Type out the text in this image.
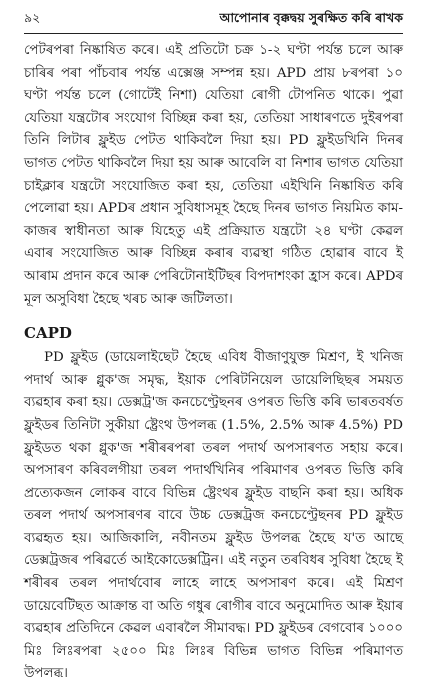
৯২	আপোনাৰ বৃক্কদ্বয় সুৰক্ষিত কৰি ৰাখক

পেটৰপৰা নিষ্কাষিত কৰে। এই প্ৰতিটো চক্ৰ ১-২ ঘণ্টা পৰ্যন্ত চলে আৰু চাৰিৰ পৰা পাঁচবাৰ পৰ্যন্ত এক্সেঞ্জ সম্পন্ন হয়। APD প্ৰায় ৮ৰপৰা ১০ ঘণ্টা পৰ্যন্ত চলে (গোটেই নিশা) যেতিয়া ৰোগী টোপনিত থাকে। পুৱা যেতিয়া যন্ত্ৰটোৰ সংযোগ বিচ্ছিন্ন কৰা হয়, তেতিয়া সাধাৰণতে দুইৰপৰা তিনি লিটাৰ ফ্লুইড পেটত থাকিবলৈ দিয়া হয়। PD ফ্লুইডখিনি দিনৰ ভাগত পেটত থাকিবলৈ দিয়া হয় আৰু আবেলি বা নিশাৰ ভাগত যেতিয়া চাইক্লাৰ যন্ত্ৰটো সংযোজিত কৰা হয়, তেতিয়া এইখিনি নিষ্কাষিত কৰি পেলোৱা হয়। APDৰ প্ৰধান সুবিধাসমূহ হৈছে দিনৰ ভাগত নিয়মিত কাম-কাজৰ স্বাধীনতা আৰু যিহেতু এই প্ৰক্ৰিয়াত যন্ত্ৰটো ২৪ ঘণ্টা কেৱল এবাৰ সংযোজিত আৰু বিচ্ছিন্ন কৰাৰ ব্যৱস্থা গঠিত হোৱাৰ বাবে ই আৰাম প্ৰদান কৰে আৰু পেৰিটোনাইটিছৰ বিপদাশংকা হ্ৰাস কৰে। APDৰ মূল অসুবিধা হৈছে খৰচ আৰু জটিলতা।

CAPD

PD ফ্লুইড (ডায়েলাইছেট হৈছে এবিধ বীজাণুযুক্ত মিশ্ৰণ, ই খনিজ পদাৰ্থ আৰু গ্লুক'জ সমৃদ্ধ, ইয়াক পেৰিটনিয়েল ডায়েলিছিছৰ সময়ত ব্যৱহাৰ কৰা হয়। ডেক্সট্ৰ'জ কনচেণ্ট্ৰেছনৰ ওপৰত ভিত্তি কৰি ভাৰতবৰ্ষত ফ্লুইডৰ তিনিটা সুকীয়া ষ্ট্ৰেংথ উপলব্ধ (1.5%, 2.5% আৰু 4.5%) PD ফ্লুইডত থকা গ্লুক'জ শৰীৰৰপৰা তৰল পদাৰ্থ অপসাৰণত সহায় কৰে। অপসাৰণ কৰিবলগীয়া তৰল পদাৰ্থখিনিৰ পৰিমাণৰ ওপৰত ভিত্তি কৰি প্ৰত্যেকজন লোকৰ বাবে বিভিন্ন ষ্ট্ৰেংথৰ ফ্লুইড বাছনি কৰা হয়। অধিক তৰল পদাৰ্থ অপসাৰণৰ বাবে উচ্চ ডেক্সট্ৰজ কনচেণ্ট্ৰেছনৰ PD ফ্লুইড ব্যৱহৃত হয়। আজিকালি, নবীনতম ফ্লুইড উপলব্ধ হৈছে য'ত আছে ডেক্সট্ৰজৰ পৰিৱৰ্তে আইকোডেক্সট্ৰিন। এই নতুন তৰবিধৰ সুবিধা হৈছে ই শৰীৰৰ তৰল পদাৰ্থবোৰ লাহে লাহে অপসাৰণ কৰে। এই মিশ্ৰণ ডায়েবেটিছত আক্ৰান্ত বা অতি গধুৰ ৰোগীৰ বাবে অনুমোদিত আৰু ইয়াৰ ব্যৱহাৰ প্ৰতিদিনে কেৱল এবাৰলৈ সীমাবদ্ধ। PD ফ্লুইডৰ বেগবোৰ ১০০০ মিঃ লিঃৰপৰা ২৫০০ মিঃ লিঃৰ বিভিন্ন ভাগত বিভিন্ন পৰিমাণত উপলব্ধ।
